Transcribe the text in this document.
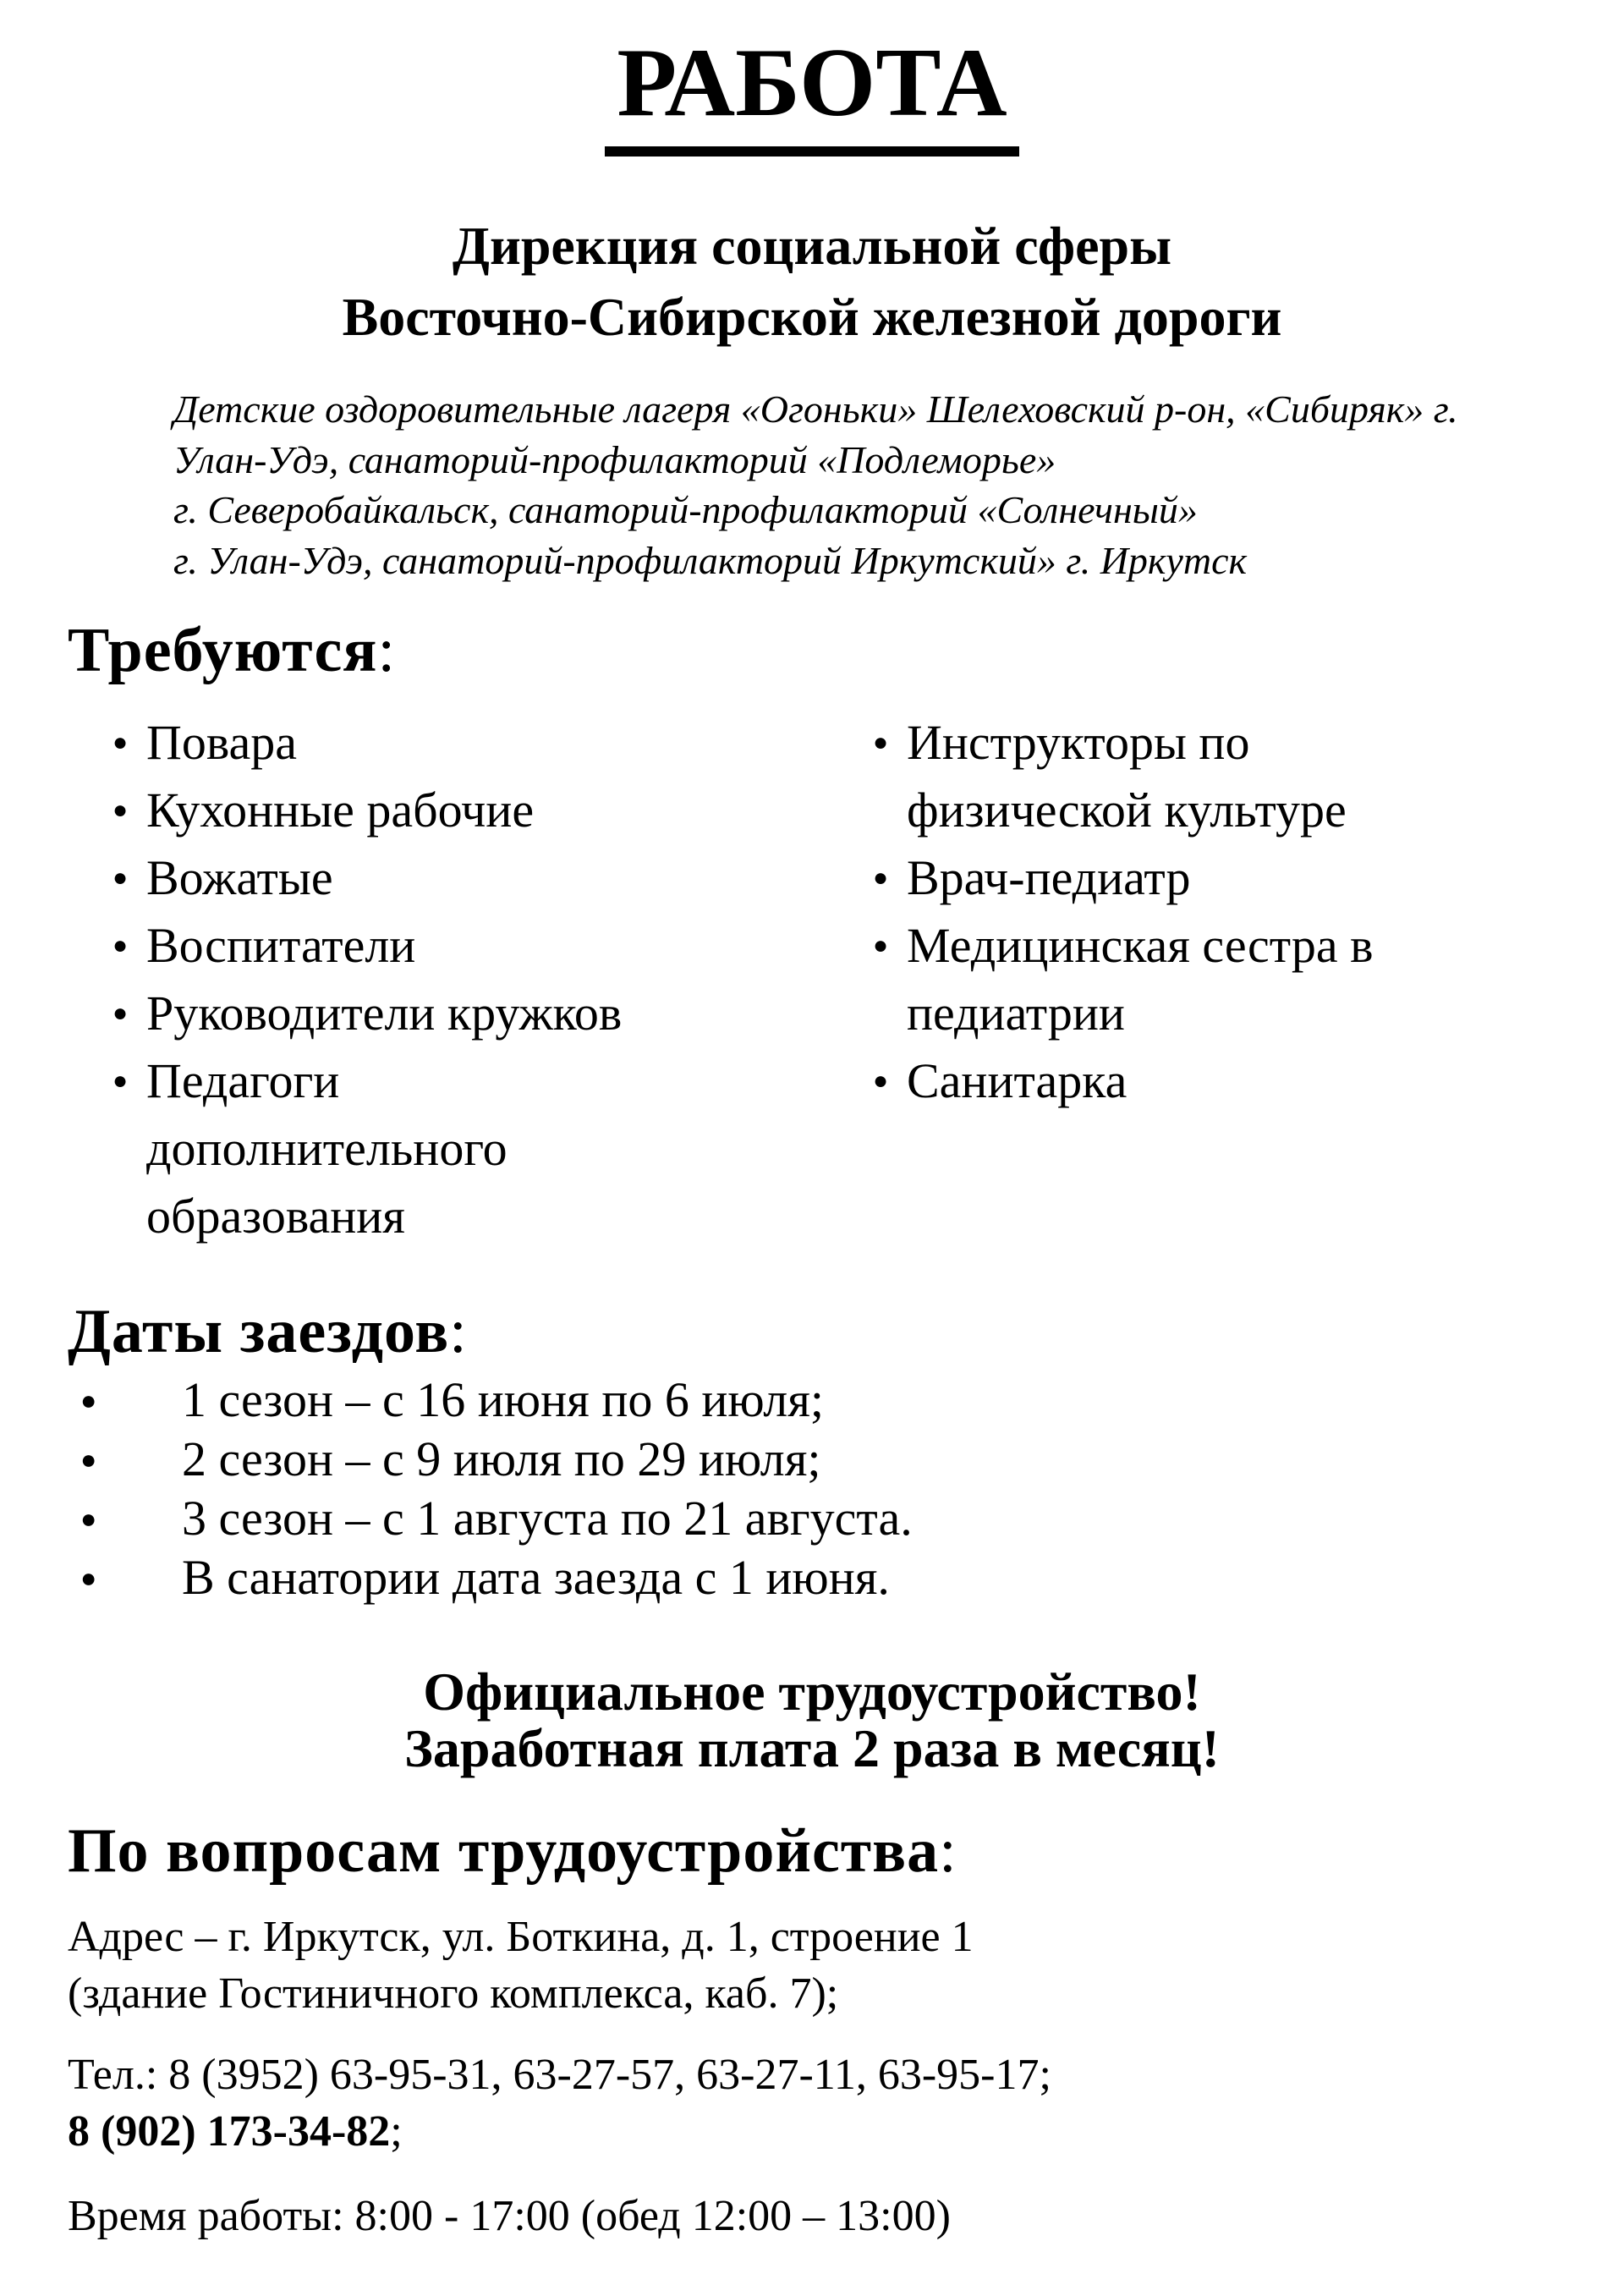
РАБОТА
Дирекция социальной сферы
Восточно-Сибирской железной дороги
Детские оздоровительные лагеря «Огоньки» Шелеховский р-он, «Сибиряк» г.
Улан-Удэ, санаторий-профилакторий «Подлеморье»
г. Северобайкальск, санаторий-профилакторий «Солнечный»
г. Улан-Удэ, санаторий-профилакторий Иркутский» г. Иркутск
Требуются:
● Повара
● Кухонные рабочие
● Вожатые
● Воспитатели
● Руководители кружков
● Педагоги дополнительного образования
● Инструкторы по физической культуре
● Врач-педиатр
● Медицинская сестра в педиатрии
● Санитарка
Даты заездов:
●	1 сезон – с 16 июня по 6 июля;
●	2 сезон – с 9 июля по 29 июля;
●	3 сезон – с 1 августа по 21 августа.
●	В санатории дата заезда с 1 июня.
Официальное трудоустройство!
Заработная плата 2 раза в месяц!
По вопросам трудоустройства:
Адрес – г. Иркутск, ул. Боткина, д. 1, строение 1
(здание Гостиничного комплекса, каб. 7);
Тел.: 8 (3952) 63-95-31, 63-27-57, 63-27-11, 63-95-17;
8 (902) 173-34-82;
Время работы: 8:00 - 17:00 (обед 12:00 – 13:00)
